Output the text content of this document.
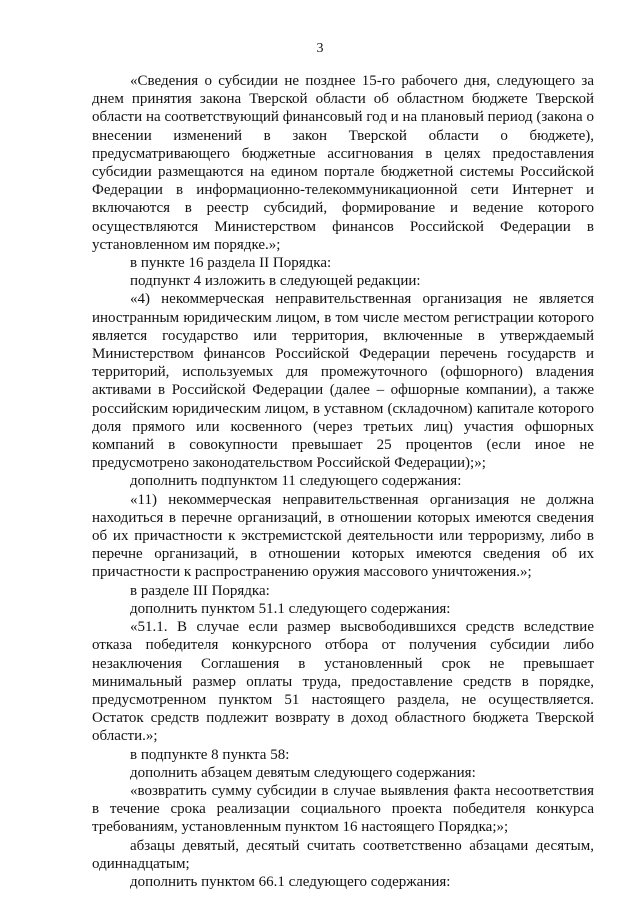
3

«Сведения о субсидии не позднее 15-го рабочего дня, следующего за днем принятия закона Тверской области об областном бюджете Тверской области на соответствующий финансовый год и на плановый период (закона о внесении изменений в закон Тверской области о бюджете), предусматривающего бюджетные ассигнования в целях предоставления субсидии размещаются на едином портале бюджетной системы Российской Федерации в информационно-телекоммуникационной сети Интернет и включаются в реестр субсидий, формирование и ведение которого осуществляются Министерством финансов Российской Федерации в установленном им порядке.»;

в пункте 16 раздела II Порядка:

подпункт 4 изложить в следующей редакции:

«4) некоммерческая неправительственная организация не является иностранным юридическим лицом, в том числе местом регистрации которого является государство или территория, включенные в утверждаемый Министерством финансов Российской Федерации перечень государств и территорий, используемых для промежуточного (офшорного) владения активами в Российской Федерации (далее – офшорные компании), а также российским юридическим лицом, в уставном (складочном) капитале которого доля прямого или косвенного (через третьих лиц) участия офшорных компаний в совокупности превышает 25 процентов (если иное не предусмотрено законодательством Российской Федерации);»;

дополнить подпунктом 11 следующего содержания:

«11) некоммерческая неправительственная организация не должна находиться в перечне организаций, в отношении которых имеются сведения об их причастности к экстремистской деятельности или терроризму, либо в перечне организаций, в отношении которых имеются сведения об их причастности к распространению оружия массового уничтожения.»;

в разделе III Порядка:

дополнить пунктом 51.1 следующего содержания:

«51.1. В случае если размер высвободившихся средств вследствие отказа победителя конкурсного отбора от получения субсидии либо незаключения Соглашения в установленный срок не превышает минимальный размер оплаты труда, предоставление средств в порядке, предусмотренном пунктом 51 настоящего раздела, не осуществляется. Остаток средств подлежит возврату в доход областного бюджета Тверской области.»;

в подпункте 8 пункта 58:

дополнить абзацем девятым следующего содержания:

«возвратить сумму субсидии в случае выявления факта несоответствия в течение срока реализации социального проекта победителя конкурса требованиям, установленным пунктом 16 настоящего Порядка;»;

абзацы девятый, десятый считать соответственно абзацами десятым, одиннадцатым;

дополнить пунктом 66.1 следующего содержания:
